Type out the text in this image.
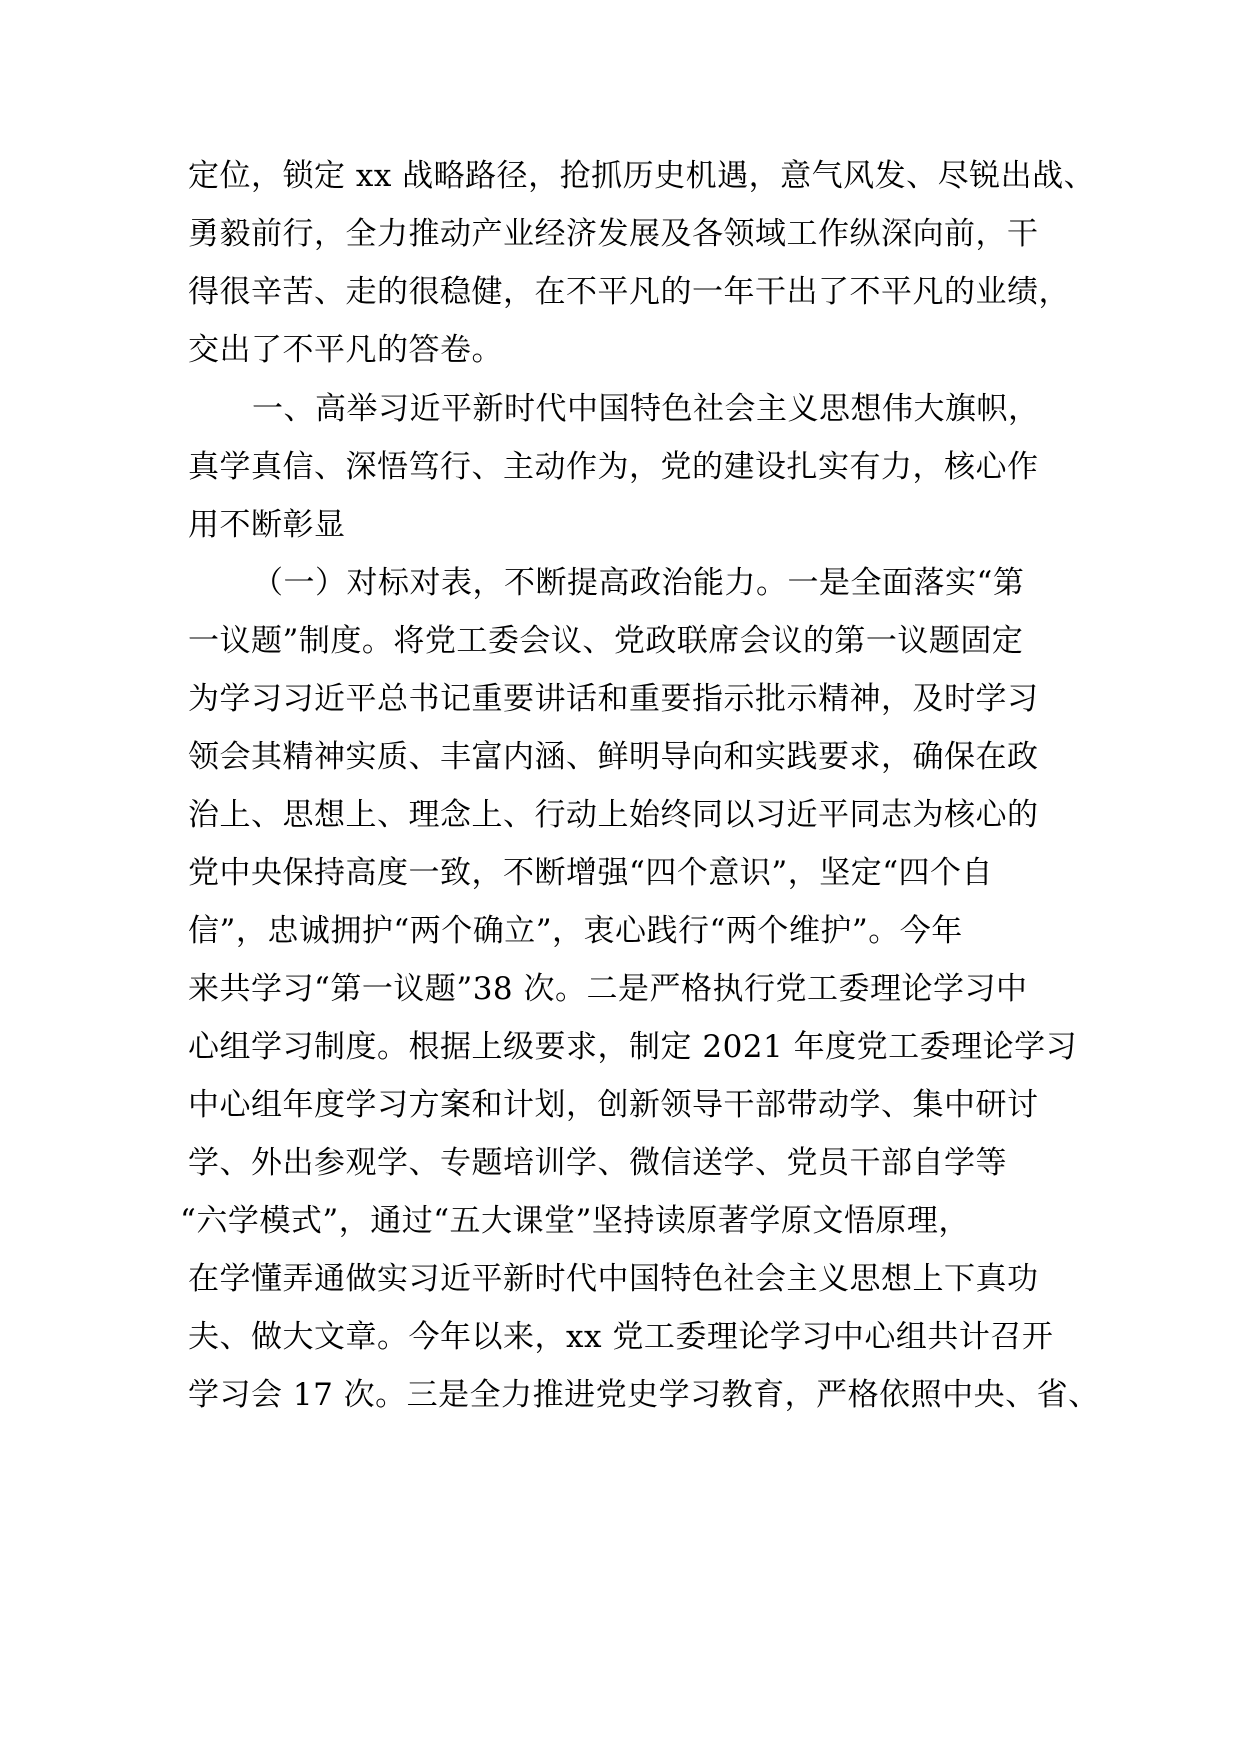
定位，锁定 xx 战略路径，抢抓历史机遇，意气风发、尽锐出战、
勇毅前行，全力推动产业经济发展及各领域工作纵深向前，干
得很辛苦、走的很稳健，在不平凡的一年干出了不平凡的业绩，
交出了不平凡的答卷。
一、高举习近平新时代中国特色社会主义思想伟大旗帜，
真学真信、深悟笃行、主动作为，党的建设扎实有力，核心作
用不断彰显
（一）对标对表，不断提高政治能力。一是全面落实“第
一议题”制度。将党工委会议、党政联席会议的第一议题固定
为学习习近平总书记重要讲话和重要指示批示精神，及时学习
领会其精神实质、丰富内涵、鲜明导向和实践要求，确保在政
治上、思想上、理念上、行动上始终同以习近平同志为核心的
党中央保持高度一致，不断增强“四个意识”，坚定“四个自
信”，忠诚拥护“两个确立”，衷心践行“两个维护”。今年
来共学习“第一议题”38 次。二是严格执行党工委理论学习中
心组学习制度。根据上级要求，制定 2021 年度党工委理论学习
中心组年度学习方案和计划，创新领导干部带动学、集中研讨
学、外出参观学、专题培训学、微信送学、党员干部自学等
“六学模式”，通过“五大课堂”坚持读原著学原文悟原理，
在学懂弄通做实习近平新时代中国特色社会主义思想上下真功
夫、做大文章。今年以来，xx 党工委理论学习中心组共计召开
学习会 17 次。三是全力推进党史学习教育，严格依照中央、省、
